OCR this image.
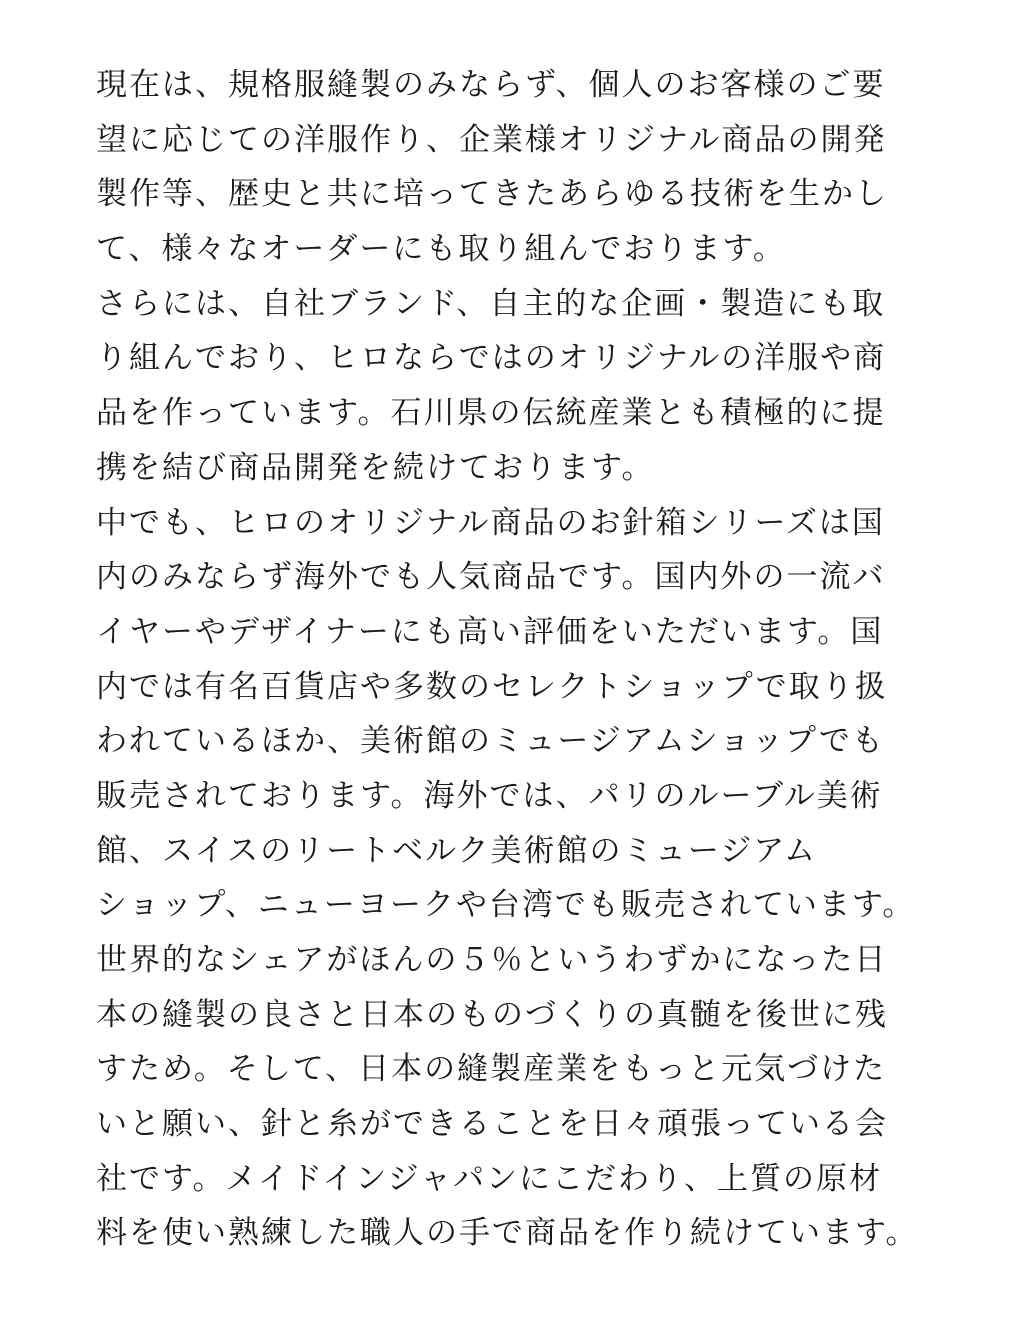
現在は、規格服縫製のみならず、個人のお客様のご要
望に応じての洋服作り、企業様オリジナル商品の開発
製作等、歴史と共に培ってきたあらゆる技術を生かし
て、様々なオーダーにも取り組んでおります。
さらには、自社ブランド、自主的な企画・製造にも取
り組んでおり、ヒロならではのオリジナルの洋服や商
品を作っています。石川県の伝統産業とも積極的に提
携を結び商品開発を続けております。
中でも、ヒロのオリジナル商品のお針箱シリーズは国
内のみならず海外でも人気商品です。国内外の一流バ
イヤーやデザイナーにも高い評価をいただいます。国
内では有名百貨店や多数のセレクトショップで取り扱
われているほか、美術館のミュージアムショップでも
販売されております。海外では、パリのルーブル美術
館、スイスのリートベルク美術館のミュージアム
ショップ、ニューヨークや台湾でも販売されています。
世界的なシェアがほんの５％というわずかになった日
本の縫製の良さと日本のものづくりの真髄を後世に残
すため。そして、日本の縫製産業をもっと元気づけた
いと願い、針と糸ができることを日々頑張っている会
社です。メイドインジャパンにこだわり、上質の原材
料を使い熟練した職人の手で商品を作り続けています。
